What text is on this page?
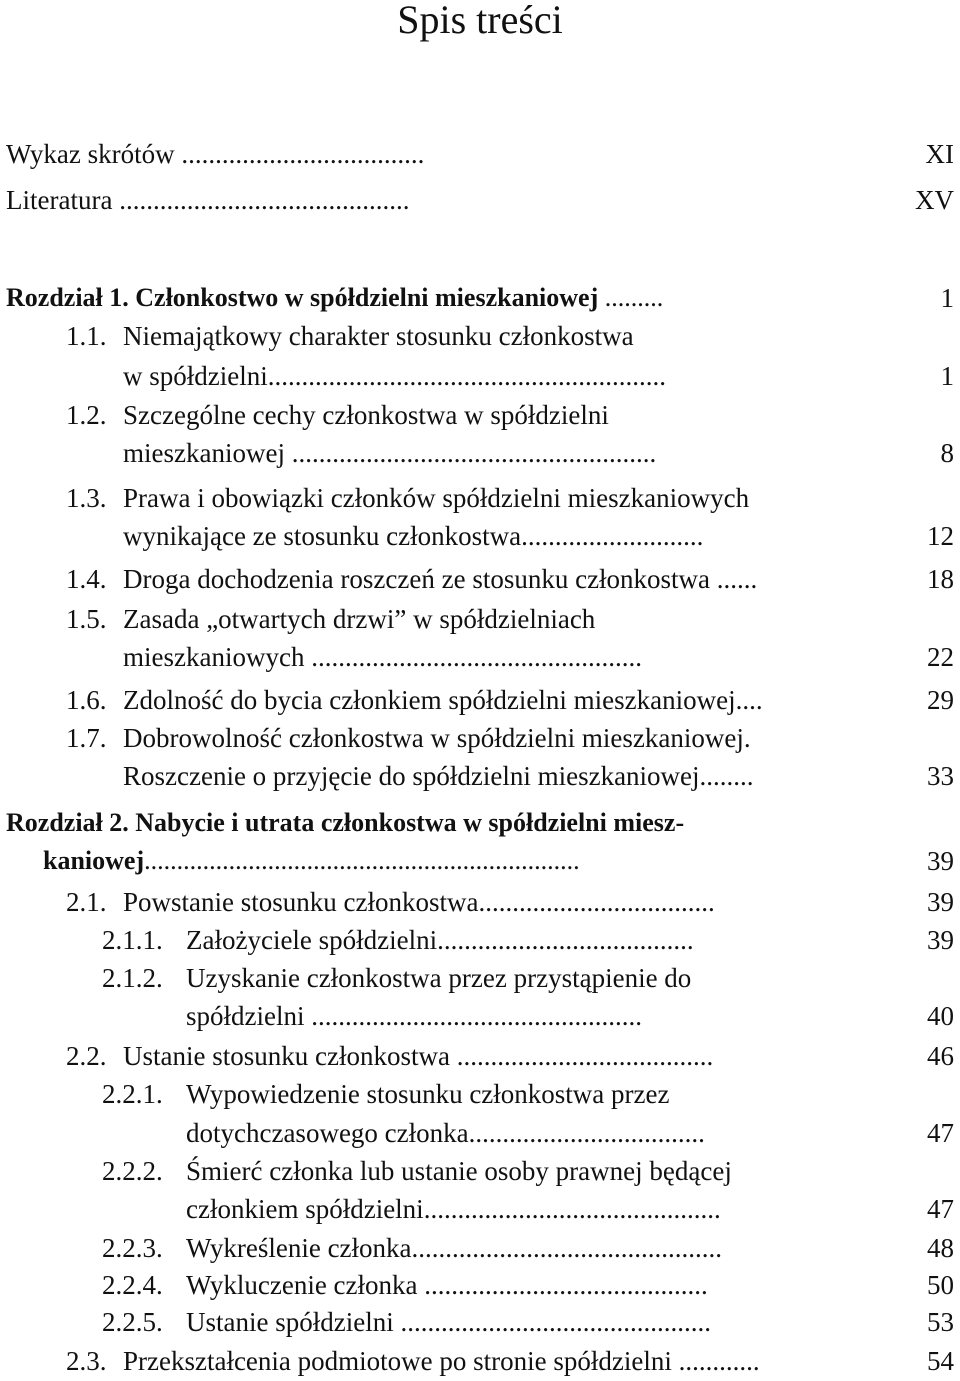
Spis treści
Wykaz skrótów ....................................	XI
Literatura ...........................................	XV
Rozdział 1. Członkostwo w spółdzielni mieszkaniowej .........	1
1.1. Niemajątkowy charakter stosunku członkostwa
w spółdzielni...........................................................	1
1.2. Szczególne cechy członkostwa w spółdzielni
mieszkaniowej ......................................................	8
1.3. Prawa i obowiązki członków spółdzielni mieszkaniowych
wynikające ze stosunku członkostwa...........................	12
1.4. Droga dochodzenia roszczeń ze stosunku członkostwa ......	18
1.5. Zasada „otwartych drzwi” w spółdzielniach
mieszkaniowych .................................................	22
1.6. Zdolność do bycia członkiem spółdzielni mieszkaniowej....	29
1.7. Dobrowolność członkostwa w spółdzielni mieszkaniowej.
Roszczenie o przyjęcie do spółdzielni mieszkaniowej........	33
Rozdział 2. Nabycie i utrata członkostwa w spółdzielni miesz-
kaniowej...................................................................	39
2.1. Powstanie stosunku członkostwa...................................	39
2.1.1. Założyciele spółdzielni......................................	39
2.1.2. Uzyskanie członkostwa przez przystąpienie do
spółdzielni .................................................	40
2.2. Ustanie stosunku członkostwa ......................................	46
2.2.1. Wypowiedzenie stosunku członkostwa przez
dotychczasowego członka...................................	47
2.2.2. Śmierć członka lub ustanie osoby prawnej będącej
członkiem spółdzielni............................................	47
2.2.3. Wykreślenie członka..............................................	48
2.2.4. Wykluczenie członka ..........................................	50
2.2.5. Ustanie spółdzielni ..............................................	53
2.3. Przekształcenia podmiotowe po stronie spółdzielni ............	54
